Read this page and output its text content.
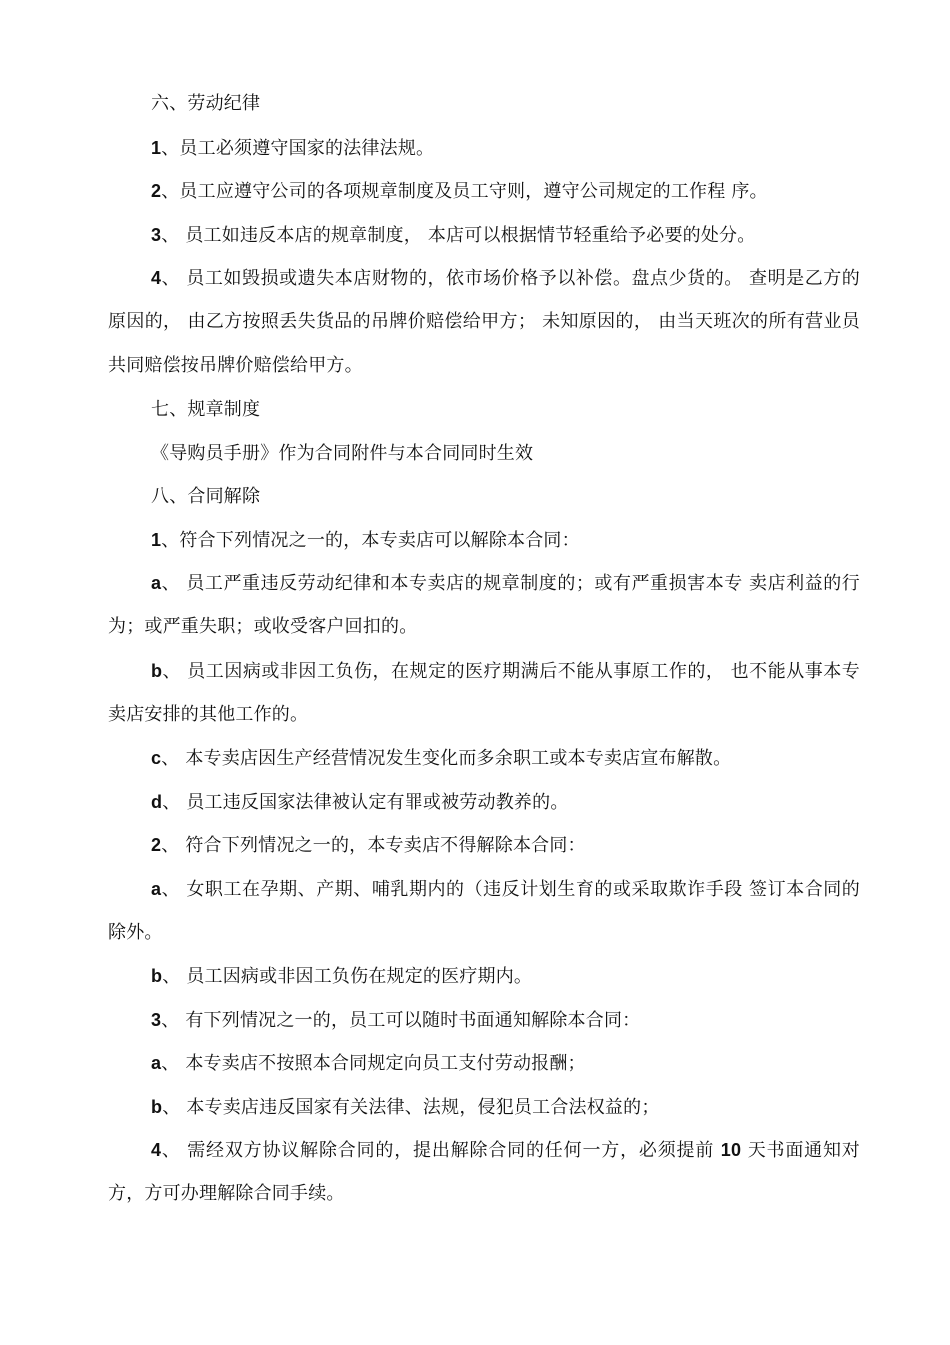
六、劳动纪律

1、员工必须遵守国家的法律法规。

2、员工应遵守公司的各项规章制度及员工守则，遵守公司规定的工作程 序。

3、 员工如违反本店的规章制度， 本店可以根据情节轻重给予必要的处分。

4、 员工如毁损或遗失本店财物的，依市场价格予以补偿。盘点少货的。 查明是乙方的原因的， 由乙方按照丢失货品的吊牌价赔偿给甲方； 未知原因的， 由当天班次的所有营业员共同赔偿按吊牌价赔偿给甲方。

七、规章制度

《导购员手册》作为合同附件与本合同同时生效

八、合同解除

1、符合下列情况之一的，本专卖店可以解除本合同：

a、 员工严重违反劳动纪律和本专卖店的规章制度的；或有严重损害本专 卖店利益的行为；或严重失职；或收受客户回扣的。

b、 员工因病或非因工负伤，在规定的医疗期满后不能从事原工作的， 也不能从事本专卖店安排的其他工作的。

c、 本专卖店因生产经营情况发生变化而多余职工或本专卖店宣布解散。

d、 员工违反国家法律被认定有罪或被劳动教养的。

2、 符合下列情况之一的，本专卖店不得解除本合同：

a、 女职工在孕期、产期、哺乳期内的（违反计划生育的或采取欺诈手段 签订本合同的除外。

b、 员工因病或非因工负伤在规定的医疗期内。

3、 有下列情况之一的，员工可以随时书面通知解除本合同：

a、 本专卖店不按照本合同规定向员工支付劳动报酬；

b、 本专卖店违反国家有关法律、法规，侵犯员工合法权益的；

4、 需经双方协议解除合同的，提出解除合同的任何一方，必须提前 10 天书面通知对方，方可办理解除合同手续。
